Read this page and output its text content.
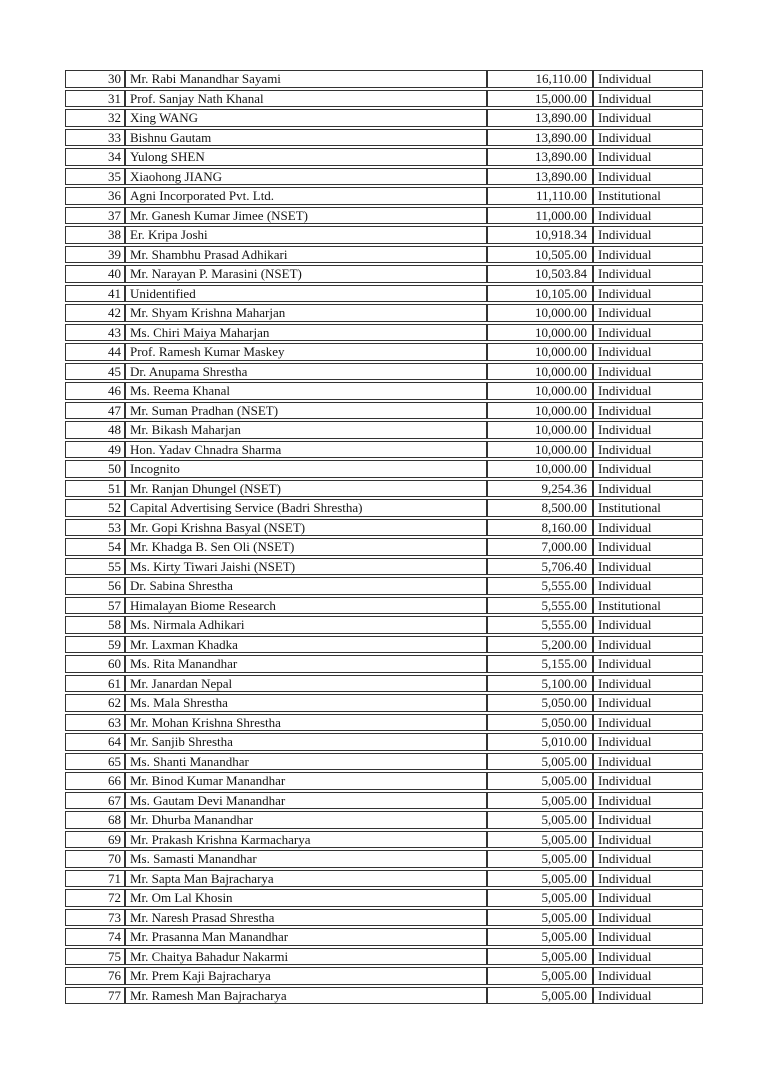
30	Mr. Rabi Manandhar Sayami	16,110.00	Individual
31	Prof. Sanjay Nath Khanal	15,000.00	Individual
32	Xing WANG	13,890.00	Individual
33	Bishnu Gautam	13,890.00	Individual
34	Yulong SHEN	13,890.00	Individual
35	Xiaohong JIANG	13,890.00	Individual
36	Agni Incorporated Pvt. Ltd.	11,110.00	Institutional
37	Mr. Ganesh Kumar Jimee (NSET)	11,000.00	Individual
38	Er. Kripa Joshi	10,918.34	Individual
39	Mr. Shambhu Prasad Adhikari	10,505.00	Individual
40	Mr. Narayan P. Marasini (NSET)	10,503.84	Individual
41	Unidentified	10,105.00	Individual
42	Mr. Shyam Krishna Maharjan	10,000.00	Individual
43	Ms. Chiri Maiya Maharjan	10,000.00	Individual
44	Prof. Ramesh Kumar Maskey	10,000.00	Individual
45	Dr. Anupama Shrestha	10,000.00	Individual
46	Ms. Reema Khanal	10,000.00	Individual
47	Mr. Suman Pradhan (NSET)	10,000.00	Individual
48	Mr. Bikash Maharjan	10,000.00	Individual
49	Hon. Yadav Chnadra Sharma	10,000.00	Individual
50	Incognito	10,000.00	Individual
51	Mr. Ranjan Dhungel (NSET)	9,254.36	Individual
52	Capital Advertising Service (Badri Shrestha)	8,500.00	Institutional
53	Mr. Gopi Krishna Basyal (NSET)	8,160.00	Individual
54	Mr. Khadga B. Sen Oli (NSET)	7,000.00	Individual
55	Ms. Kirty Tiwari Jaishi (NSET)	5,706.40	Individual
56	Dr. Sabina Shrestha	5,555.00	Individual
57	Himalayan Biome Research	5,555.00	Institutional
58	Ms. Nirmala Adhikari	5,555.00	Individual
59	Mr. Laxman Khadka	5,200.00	Individual
60	Ms. Rita Manandhar	5,155.00	Individual
61	Mr. Janardan Nepal	5,100.00	Individual
62	Ms. Mala Shrestha	5,050.00	Individual
63	Mr. Mohan Krishna Shrestha	5,050.00	Individual
64	Mr. Sanjib Shrestha	5,010.00	Individual
65	Ms. Shanti Manandhar	5,005.00	Individual
66	Mr. Binod Kumar Manandhar	5,005.00	Individual
67	Ms. Gautam Devi Manandhar	5,005.00	Individual
68	Mr. Dhurba Manandhar	5,005.00	Individual
69	Mr. Prakash Krishna Karmacharya	5,005.00	Individual
70	Ms. Samasti Manandhar	5,005.00	Individual
71	Mr. Sapta Man Bajracharya	5,005.00	Individual
72	Mr. Om Lal Khosin	5,005.00	Individual
73	Mr. Naresh Prasad Shrestha	5,005.00	Individual
74	Mr. Prasanna Man Manandhar	5,005.00	Individual
75	Mr. Chaitya Bahadur Nakarmi	5,005.00	Individual
76	Mr. Prem Kaji Bajracharya	5,005.00	Individual
77	Mr. Ramesh Man Bajracharya	5,005.00	Individual
